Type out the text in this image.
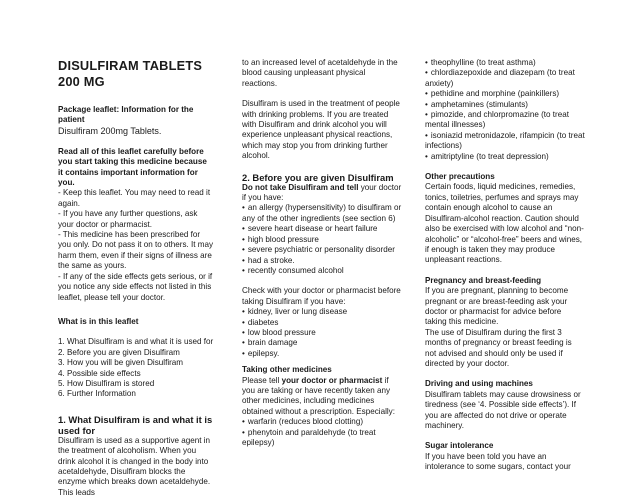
DISULFIRAM TABLETS
200 MG

Package leaflet: Information for the patient

Disulfiram 200mg Tablets.

Read all of this leaflet carefully before you start taking this medicine because it contains important information for you.

- Keep this leaflet. You may need to read it again.

- If you have any further questions, ask your doctor or pharmacist.

- This medicine has been prescribed for you only. Do not pass it on to others. It may harm them, even if their signs of illness are the same as yours.

- If any of the side effects gets serious, or if you notice any side effects not listed in this leaflet, please tell your doctor.

What is in this leaflet

1. What Disulfiram is and what it is used for

2. Before you are given Disulfiram

3. How you will be given Disulfiram

4. Possible side effects

5. How Disulfiram is stored

6. Further Information

1. What Disulfiram is and what it is used for

Disulfiram is used as a supportive agent in the treatment of alcoholism. When you drink alcohol it is changed in the body into acetaldehyde, Disulfiram blocks the enzyme which breaks down acetaldehyde. This leads

to an increased level of acetaldehyde in the blood causing unpleasant physical reactions.

Disulfiram is used in the treatment of people with drinking problems. If you are treated with Disulfiram and drink alcohol you will experience unpleasant physical reactions, which may stop you from drinking further alcohol.

2. Before you are given Disulfiram

Do not take Disulfiram and tell your doctor if you have:

• an allergy (hypersensitivity) to disulfiram or any of the other ingredients (see section 6)

• severe heart disease or heart failure

• high blood pressure

• severe psychiatric or personality disorder

• had a stroke.

• recently consumed alcohol

Check with your doctor or pharmacist before taking Disulfiram if you have:

• kidney, liver or lung disease

• diabetes

• low blood pressure

• brain damage

• epilepsy.

Taking other medicines

Please tell your doctor or pharmacist if you are taking or have recently taken any other medicines, including medicines obtained without a prescription. Especially:

• warfarin (reduces blood clotting)

• phenytoin and paraldehyde (to treat epilepsy)

• theophylline (to treat asthma)

• chlordiazepoxide and diazepam (to treat anxiety)

• pethidine and morphine (painkillers)

• amphetamines (stimulants)

• pimozide, and chlorpromazine (to treat mental illnesses)

• isoniazid metronidazole, rifampicin (to treat infections)

• amitriptyline (to treat depression)

Other precautions

Certain foods, liquid medicines, remedies, tonics, toiletries, perfumes and sprays may contain enough alcohol to cause an Disulfiram-alcohol reaction. Caution should also be exercised with low alcohol and “non-alcoholic” or “alcohol-free” beers and wines, if enough is taken they may produce unpleasant reactions.

Pregnancy and breast-feeding

If you are pregnant, planning to become pregnant or are breast-feeding ask your doctor or pharmacist for advice before taking this medicine.

The use of Disulfiram during the first 3 months of pregnancy or breast feeding is not advised and should only be used if directed by your doctor.

Driving and using machines

Disulfiram tablets may cause drowsiness or tiredness (see ‘4. Possible side effects’). If you are affected do not drive or operate machinery.

Sugar intolerance

If you have been told you have an intolerance to some sugars, contact your
